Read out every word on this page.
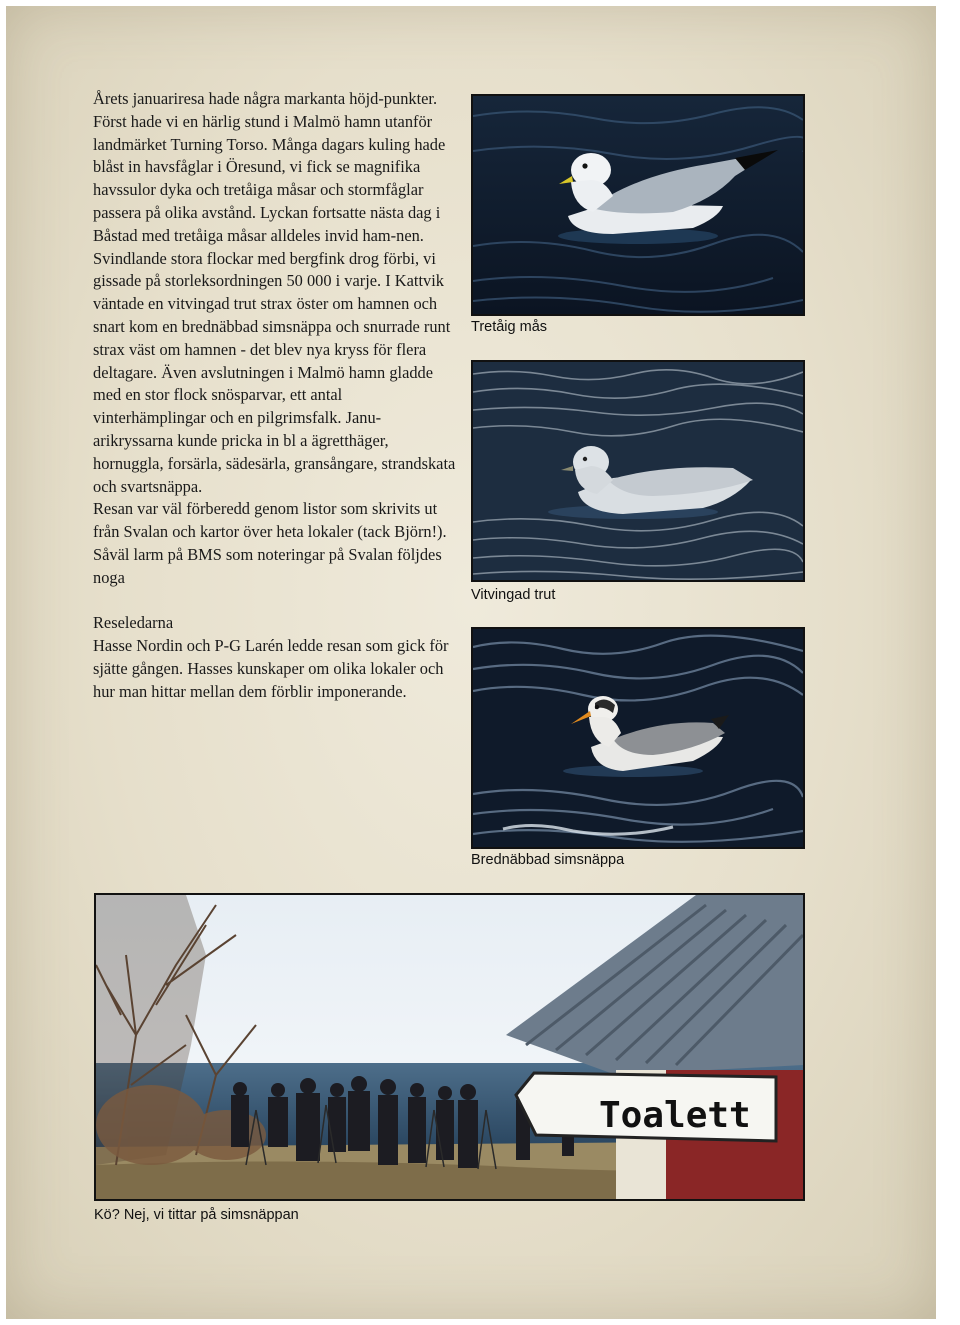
Årets januariresa hade några markanta höjd-punkter. Först hade vi en härlig stund i Malmö hamn utanför landmärket Turning Torso. Många dagars kuling hade blåst in havsfåglar i Öresund, vi fick se magnifika havssulor dyka och tretåiga måsar och stormfåglar passera på olika avstånd. Lyckan fortsatte nästa dag i Båstad med tretåiga måsar alldeles invid ham-nen. Svindlande stora flockar med bergfink drog förbi, vi gissade på storleksordningen 50 000 i varje. I Kattvik väntade en vitvingad trut strax öster om hamnen och snart kom en brednäbbad simsnäppa och snurrade runt strax väst om hamnen - det blev nya kryss för flera deltagare. Även avslutningen i Malmö hamn gladde med en stor flock snösparvar, ett antal vinterhämplingar och en pilgrimsfalk. Janu-arikryssarna kunde pricka in bl a ägretthäger, hornuggla, forsärla, sädesärla, gransångare, strandskata och svartsnäppa.

Resan var väl förberedd genom listor som skrivits ut från Svalan och kartor över heta lokaler (tack Björn!). Såväl larm på BMS som noteringar på Svalan följdes noga

Reseledarna

Hasse Nordin och P-G Larén ledde resan som gick för sjätte gången. Hasses kunskaper om olika lokaler och hur man hittar mellan dem förblir imponerande.

Tretåig mås
Vitvingad trut
Brednäbbad simsnäppa
Toalett
Kö? Nej, vi tittar på simsnäppan
